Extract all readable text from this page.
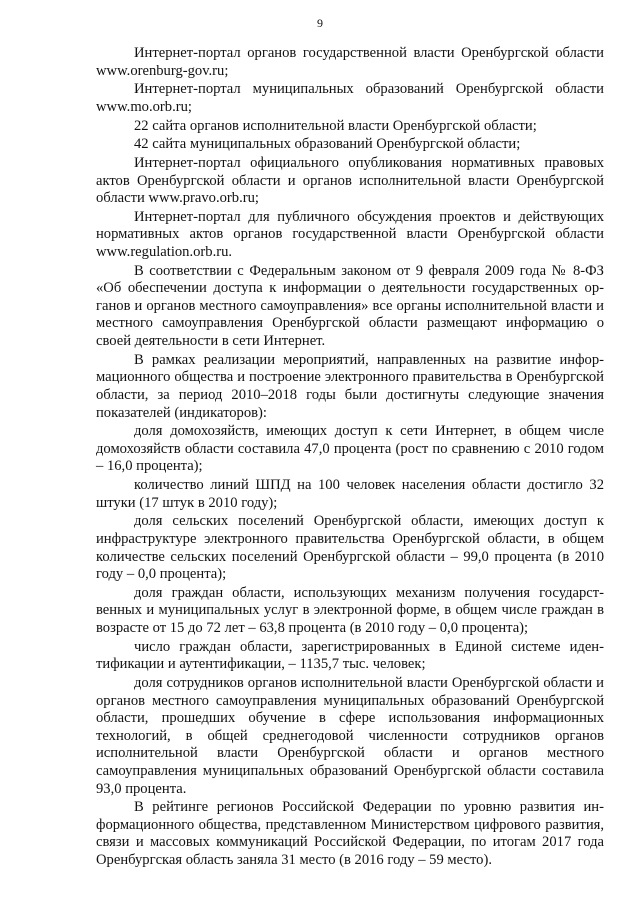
9

Интернет-портал органов государственной власти Оренбургской области www.orenburg-gov.ru;

Интернет-портал муниципальных образований Оренбургской области www.mo.orb.ru;

22 сайта органов исполнительной власти Оренбургской области;

42 сайта муниципальных образований Оренбургской области;

Интернет-портал официального опубликования нормативных правовых актов Оренбургской области и органов исполнительной власти Оренбургской области www.pravo.orb.ru;

Интернет-портал для публичного обсуждения проектов и действующих нормативных актов органов государственной власти Оренбургской области www.regulation.orb.ru.

В соответствии с Федеральным законом от 9 февраля 2009 года № 8-ФЗ «Об обеспечении доступа к информации о деятельности государственных органов и органов местного самоуправления» все органы исполнительной власти и местного самоуправления Оренбургской области размещают информацию о своей деятельности в сети Интернет.

В рамках реализации мероприятий, направленных на развитие информационного общества и построение электронного правительства в Оренбургской области, за период 2010–2018 годы были достигнуты следующие значения показателей (индикаторов):

доля домохозяйств, имеющих доступ к сети Интернет, в общем числе домохозяйств области составила 47,0 процента (рост по сравнению с 2010 годом – 16,0 процента);

количество линий ШПД на 100 человек населения области достигло 32 штуки (17 штук в 2010 году);

доля сельских поселений Оренбургской области, имеющих доступ к инфраструктуре электронного правительства Оренбургской области, в общем количестве сельских поселений Оренбургской области – 99,0 процента (в 2010 году – 0,0 процента);

доля граждан области, использующих механизм получения государственных и муниципальных услуг в электронной форме, в общем числе граждан в возрасте от 15 до 72 лет – 63,8 процента (в 2010 году – 0,0 процента);

число граждан области, зарегистрированных в Единой системе идентификации и аутентификации, – 1135,7 тыс. человек;

доля сотрудников органов исполнительной власти Оренбургской области и органов местного самоуправления муниципальных образований Оренбургской области, прошедших обучение в сфере использования информационных технологий, в общей среднегодовой численности сотрудников органов исполнительной власти Оренбургской области и органов местного самоуправления муниципальных образований Оренбургской области составила 93,0 процента.

В рейтинге регионов Российской Федерации по уровню развития информационного общества, представленном Министерством цифрового развития, связи и массовых коммуникаций Российской Федерации, по итогам 2017 года Оренбургская область заняла 31 место (в 2016 году – 59 место).
